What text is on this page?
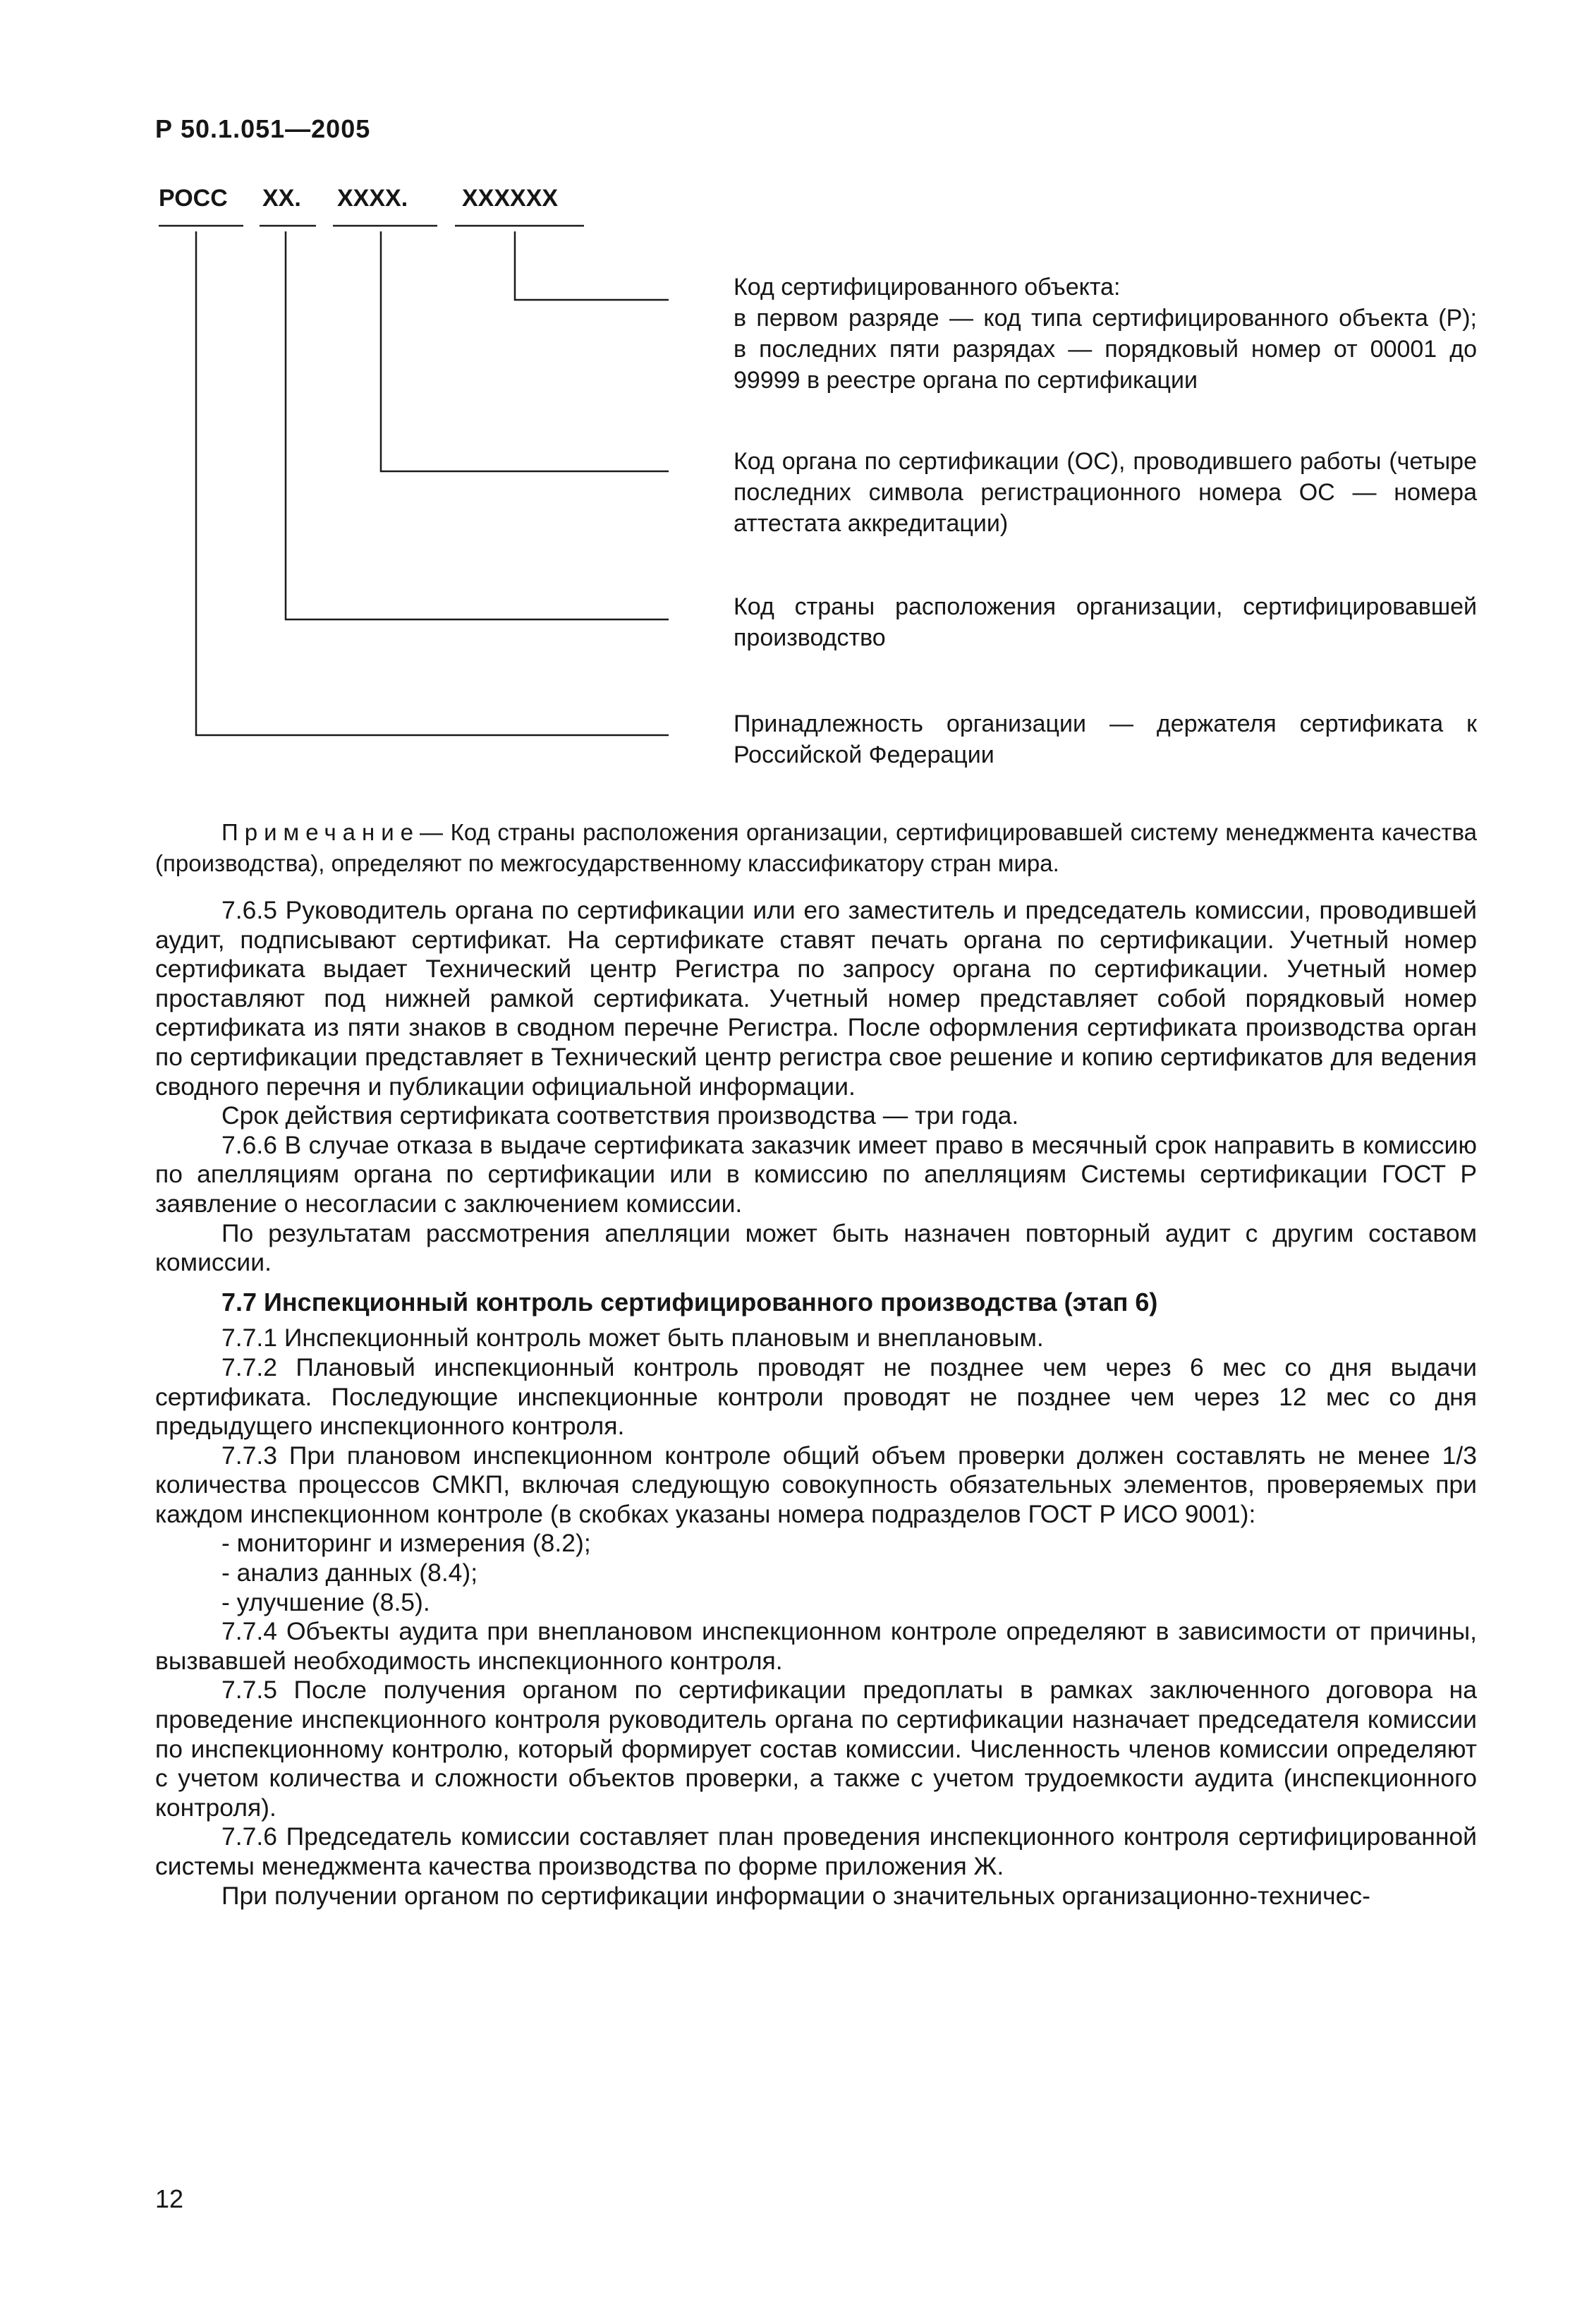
Р 50.1.051—2005
РОСС XX. XXXX. XXXXXX
Код сертифицированного объекта:
в первом разряде — код типа сертифицированного объекта (Р);
в последних пяти разрядах — порядковый номер от 00001 до
99999 в реестре органа по сертификации
Код органа по сертификации (ОС), проводившего работы (четыре
последних символа регистрационного номера ОС — номера
аттестата аккредитации)
Код страны расположения организации, сертифицировавшей
производство
Принадлежность организации — держателя сертификата к
Российской Федерации

Примечание— Код страны расположения организации, сертифицировавшей систему менеджмента качества (производства), определяют по межгосударственному классификатору стран мира.

7.6.5 Руководитель органа по сертификации или его заместитель и председатель комиссии, проводившей аудит, подписывают сертификат. На сертификате ставят печать органа по сертификации. Учетный номер сертификата выдает Технический центр Регистра по запросу органа по сертификации. Учетный номер проставляют под нижней рамкой сертификата. Учетный номер представляет собой порядковый номер сертификата из пяти знаков в сводном перечне Регистра. После оформления сертификата производства орган по сертификации представляет в Технический центр регистра свое решение и копию сертификатов для ведения сводного перечня и публикации официальной информации.

Срок действия сертификата соответствия производства — три года.

7.6.6 В случае отказа в выдаче сертификата заказчик имеет право в месячный срок направить в комиссию по апелляциям органа по сертификации или в комиссию по апелляциям Системы сертификации ГОСТ Р заявление о несогласии с заключением комиссии.

По результатам рассмотрения апелляции может быть назначен повторный аудит с другим составом комиссии.

7.7 Инспекционный контроль сертифицированного производства (этап 6)

7.7.1 Инспекционный контроль может быть плановым и внеплановым.

7.7.2 Плановый инспекционный контроль проводят не позднее чем через 6 мес со дня выдачи сертификата. Последующие инспекционные контроли проводят не позднее чем через 12 мес со дня предыдущего инспекционного контроля.

7.7.3 При плановом инспекционном контроле общий объем проверки должен составлять не менее 1/3 количества процессов СМКП, включая следующую совокупность обязательных элементов, проверяемых при каждом инспекционном контроле (в скобках указаны номера подразделов ГОСТ Р ИСО 9001):

- мониторинг и измерения (8.2);

- анализ данных (8.4);

- улучшение (8.5).

7.7.4 Объекты аудита при внеплановом инспекционном контроле определяют в зависимости от причины, вызвавшей необходимость инспекционного контроля.

7.7.5 После получения органом по сертификации предоплаты в рамках заключенного договора на проведение инспекционного контроля руководитель органа по сертификации назначает председателя комиссии по инспекционному контролю, который формирует состав комиссии. Численность членов комиссии определяют с учетом количества и сложности объектов проверки, а также с учетом трудоемкости аудита (инспекционного контроля).

7.7.6 Председатель комиссии составляет план проведения инспекционного контроля сертифицированной системы менеджмента качества производства по форме приложения Ж.

При получении органом по сертификации информации о значительных организационно-техничес-

12
